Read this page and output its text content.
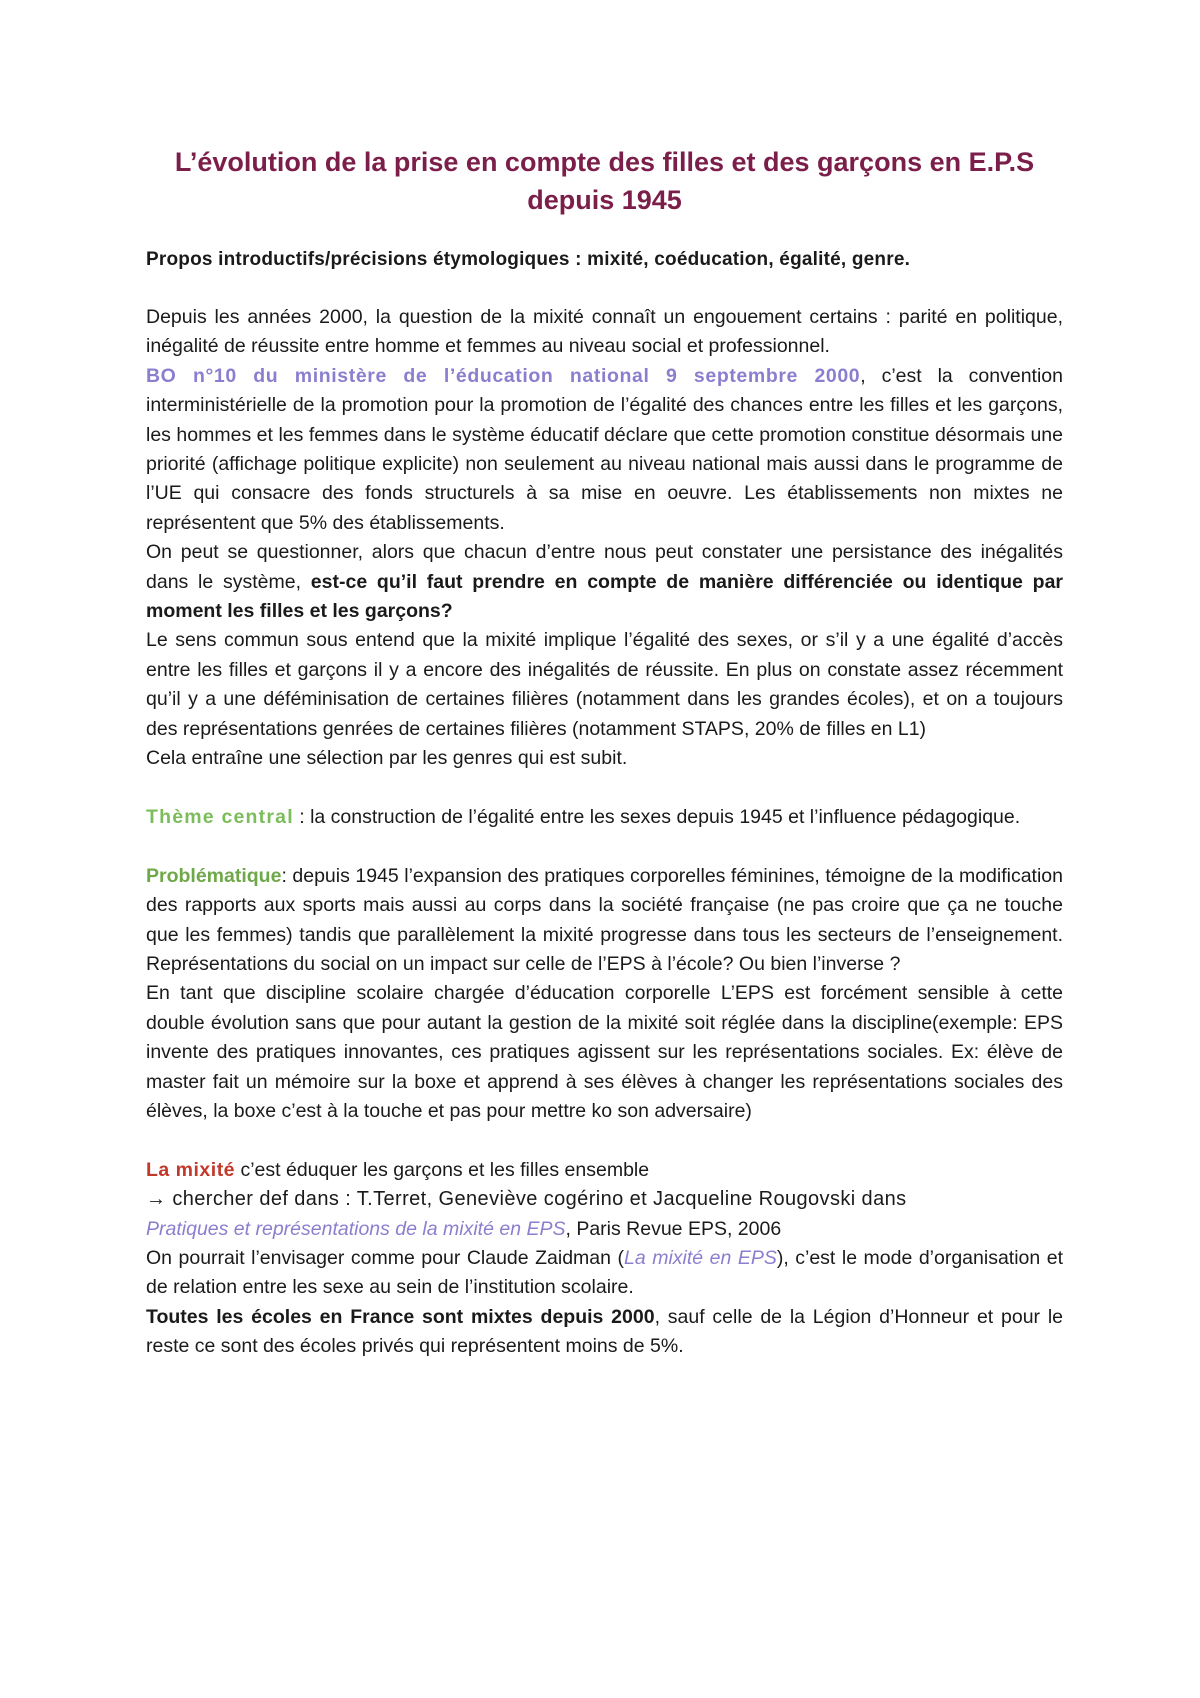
L’évolution de la prise en compte des filles et des garçons en E.P.S
depuis 1945

Propos introductifs/précisions étymologiques : mixité, coéducation, égalité, genre.

Depuis les années 2000, la question de la mixité connaît un engouement certains : parité en politique, inégalité de réussite entre homme et femmes au niveau social et professionnel.

BO n°10 du ministère de l’éducation national 9 septembre 2000, c’est la convention interministérielle de la promotion pour la promotion de l’égalité des chances entre les filles et les garçons, les hommes et les femmes dans le système éducatif déclare que cette promotion constitue désormais une priorité (affichage politique explicite) non seulement au niveau national mais aussi dans le programme de l’UE qui consacre des fonds structurels à sa mise en oeuvre. Les établissements non mixtes ne représentent que 5% des établissements.

On peut se questionner, alors que chacun d’entre nous peut constater une persistance des inégalités dans le système, est-ce qu’il faut prendre en compte de manière différenciée ou identique par moment les filles et les garçons?

Le sens commun sous entend que la mixité implique l’égalité des sexes, or s’il y a une égalité d’accès entre les filles et garçons il y a encore des inégalités de réussite. En plus on constate assez récemment qu’il y a une déféminisation de certaines filières (notamment dans les grandes écoles), et on a toujours des représentations genrées de certaines filières (notamment STAPS, 20% de filles en L1)

Cela entraîne une sélection par les genres qui est subit.

Thème central : la construction de l’égalité entre les sexes depuis 1945 et l’influence pédagogique.

Problématique: depuis 1945 l’expansion des pratiques corporelles féminines, témoigne de la modification des rapports aux sports mais aussi au corps dans la société française (ne pas croire que ça ne touche que les femmes) tandis que parallèlement la mixité progresse dans tous les secteurs de l’enseignement. Représentations du social on un impact sur celle de l’EPS à l’école? Ou bien l’inverse ?

En tant que discipline scolaire chargée d’éducation corporelle L’EPS est forcément sensible à cette double évolution sans que pour autant la gestion de la mixité soit réglée dans la discipline(exemple: EPS invente des pratiques innovantes, ces pratiques agissent sur les représentations sociales. Ex: élève de master fait un mémoire sur la boxe et apprend à ses élèves à changer les représentations sociales des élèves, la boxe c’est à la touche et pas pour mettre ko son adversaire)

La mixité c’est éduquer les garçons et les filles ensemble

→ chercher def dans : T.Terret, Geneviève cogérino et Jacqueline Rougovski dans

Pratiques et représentations de la mixité en EPS, Paris Revue EPS, 2006

On pourrait l’envisager comme pour Claude Zaidman (La mixité en EPS), c’est le mode d’organisation et de relation entre les sexe au sein de l’institution scolaire.

Toutes les écoles en France sont mixtes depuis 2000, sauf celle de la Légion d’Honneur et pour le reste ce sont des écoles privés qui représentent moins de 5%.
